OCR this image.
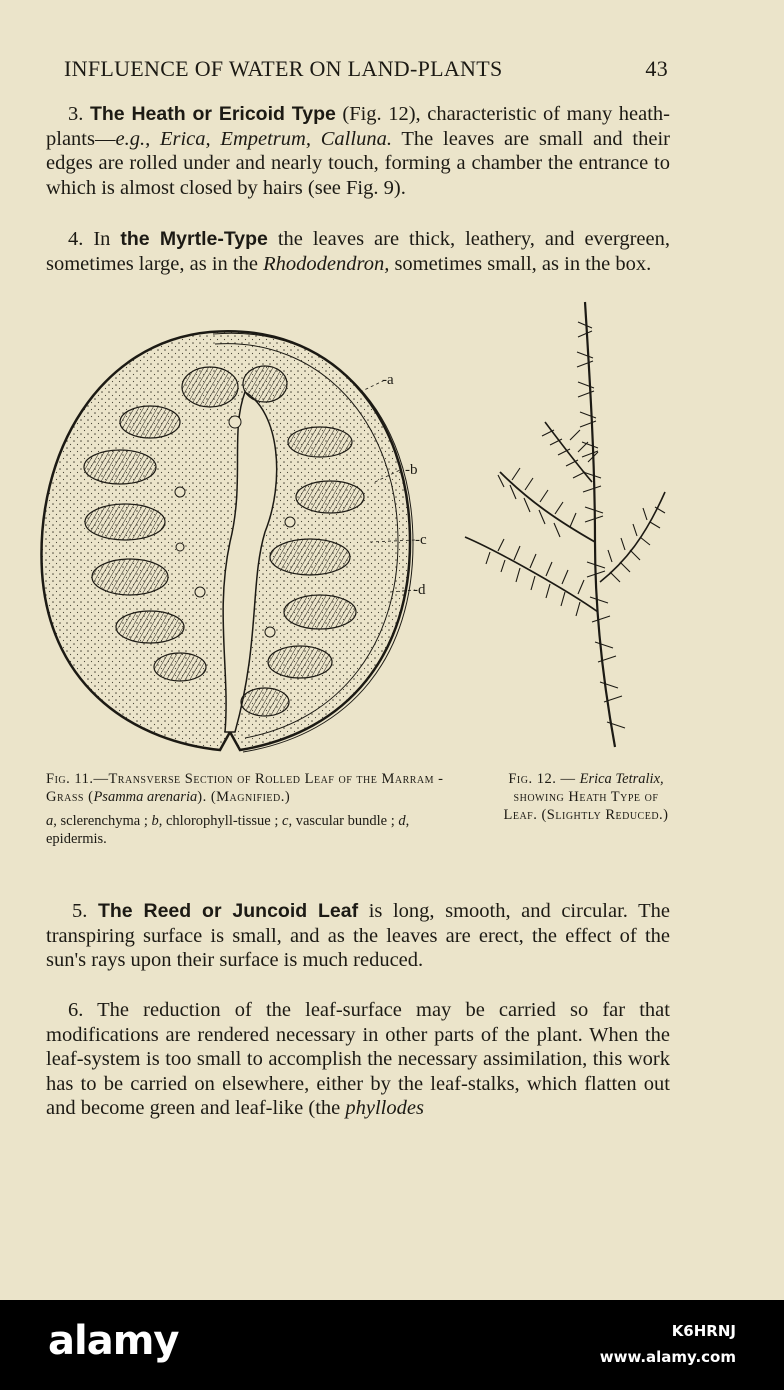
INFLUENCE OF WATER ON LAND-PLANTS	43

3. The Heath or Ericoid Type (Fig. 12), characteristic of many heath-plants—e.g., Erica, Empetrum, Calluna. The leaves are small and their edges are rolled under and nearly touch, forming a chamber the entrance to which is almost closed by hairs (see Fig. 9).

4. In the Myrtle-Type the leaves are thick, leathery, and evergreen, sometimes large, as in the Rhododendron, sometimes small, as in the box.

-a
-b
-c
-d
Fig. 11.—Transverse Section of Rolled Leaf of the Marram - Grass (Psamma arenaria). (Magnified.)
a, sclerenchyma ; b, chlorophyll-tissue ; c, vascular bundle ; d, epidermis.
Fig. 12. — Erica Tetralix, showing Heath Type of Leaf. (Slightly Reduced.)

5. The Reed or Juncoid Leaf is long, smooth, and circular. The transpiring surface is small, and as the leaves are erect, the effect of the sun's rays upon their surface is much reduced.

6. The reduction of the leaf-surface may be carried so far that modifications are rendered necessary in other parts of the plant. When the leaf-system is too small to accomplish the necessary assimilation, this work has to be carried on elsewhere, either by the leaf-stalks, which flatten out and become green and leaf-like (the phyllodes

alamy	K6HRNJ
www.alamy.com
